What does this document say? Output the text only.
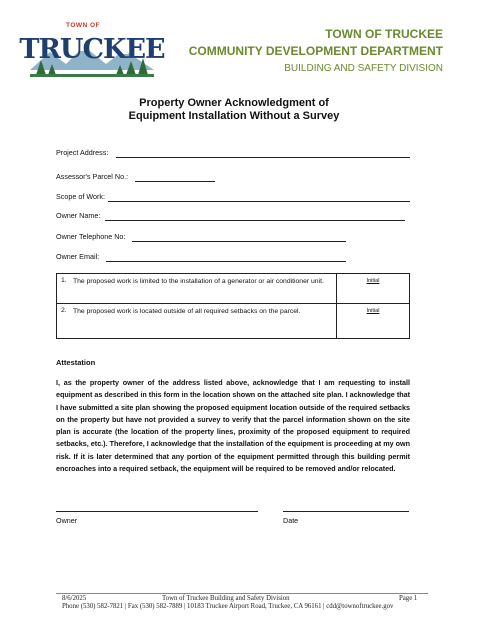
TRUCKEE
TOWN OF
TOWN OF TRUCKEE
COMMUNITY DEVELOPMENT DEPARTMENT
BUILDING AND SAFETY DIVISION
Property Owner Acknowledgment of
Equipment Installation Without a Survey
Project Address:
Assessor's Parcel No.:
Scope of Work:
Owner Name:
Owner Telephone No:
Owner Email:
1.	The proposed work is limited to the installation of a generator or air conditioner unit.	Initial
2.	The proposed work is located outside of all required setbacks on the parcel.	Initial
Attestation
I, as the property owner of the address listed above, acknowledge that I am requesting to install equipment as described in this form in the location shown on the attached site plan. I acknowledge that I have submitted a site plan showing the proposed equipment location outside of the required setbacks on the property but have not provided a survey to verify that the parcel information shown on the site plan is accurate (the location of the property lines, proximity of the proposed equipment to required setbacks, etc.). Therefore, I acknowledge that the installation of the equipment is proceeding at my own risk. If it is later determined that any portion of the equipment permitted through this building permit encroaches into a required setback, the equipment will be required to be removed and/or relocated.
Owner	Date
8/6/2025	Town of Truckee Building and Safety Division	Page 1
Phone (530) 582-7821 | Fax (530) 582-7889 | 10183 Truckee Airport Road, Truckee, CA 96161 | cdd@townoftruckee.gov
